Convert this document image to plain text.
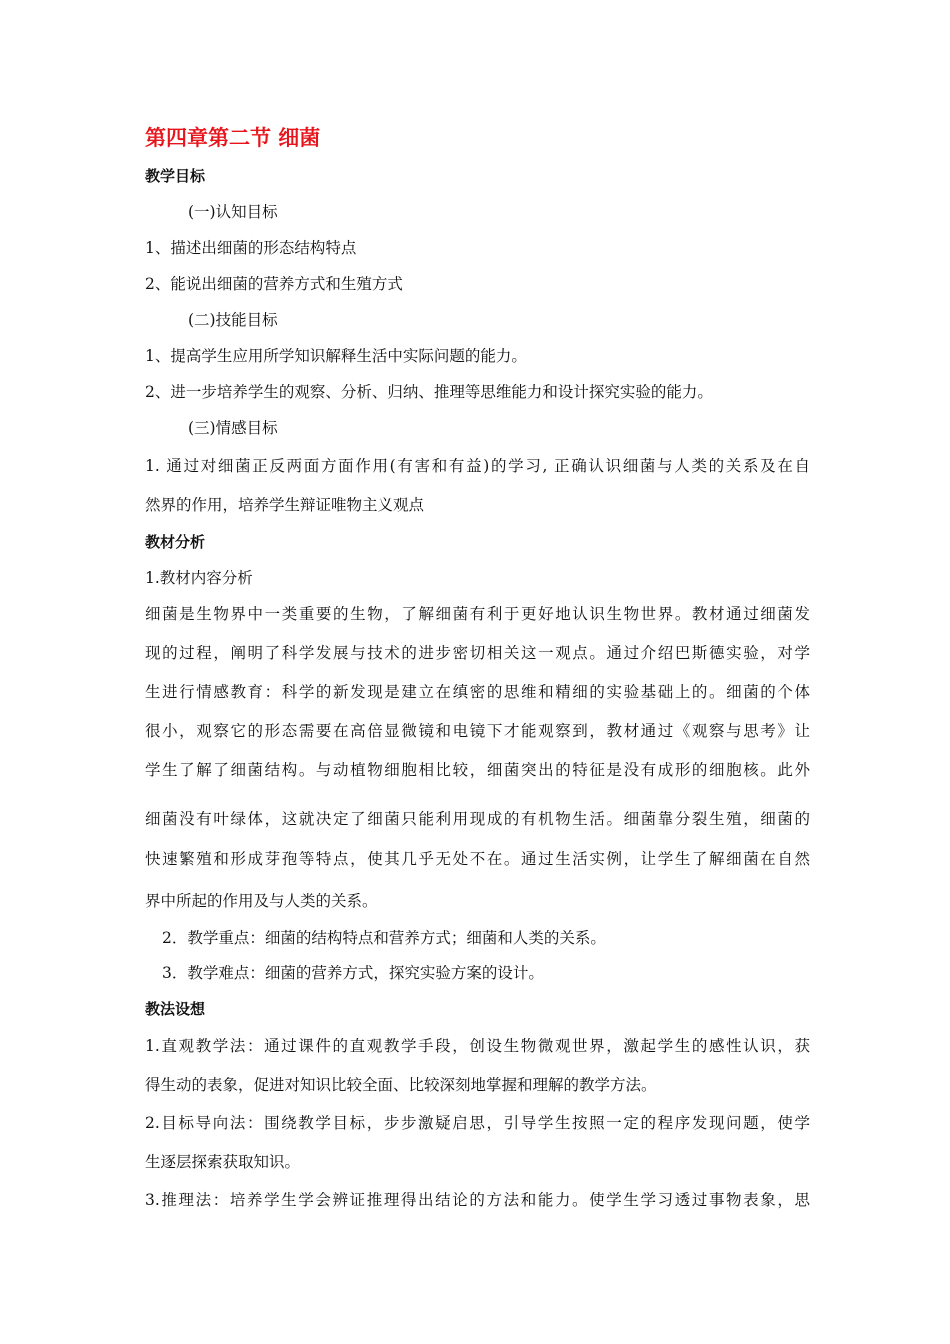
第四章第二节 细菌
教学目标
(一)认知目标
1、描述出细菌的形态结构特点
2、能说出细菌的营养方式和生殖方式
(二)技能目标
1、提高学生应用所学知识解释生活中实际问题的能力。
2、进一步培养学生的观察、分析、归纳、推理等思维能力和设计探究实验的能力。
(三)情感目标
1. 通过对细菌正反两面方面作用(有害和有益)的学习, 正确认识细菌与人类的关系及在自
然界的作用，培养学生辩证唯物主义观点
教材分析
1.教材内容分析
细菌是生物界中一类重要的生物，了解细菌有利于更好地认识生物世界。教材通过细菌发
现的过程，阐明了科学发展与技术的进步密切相关这一观点。通过介绍巴斯德实验，对学
生进行情感教育：科学的新发现是建立在缜密的思维和精细的实验基础上的。细菌的个体
很小，观察它的形态需要在高倍显微镜和电镜下才能观察到，教材通过《观察与思考》让
学生了解了细菌结构。与动植物细胞相比较，细菌突出的特征是没有成形的细胞核。此外
细菌没有叶绿体，这就决定了细菌只能利用现成的有机物生活。细菌靠分裂生殖，细菌的
快速繁殖和形成芽孢等特点，使其几乎无处不在。通过生活实例，让学生了解细菌在自然
界中所起的作用及与人类的关系。
2．教学重点：细菌的结构特点和营养方式；细菌和人类的关系。
3．教学难点：细菌的营养方式，探究实验方案的设计。
教法设想
1.直观教学法：通过课件的直观教学手段，创设生物微观世界，激起学生的感性认识，获
得生动的表象，促进对知识比较全面、比较深刻地掌握和理解的教学方法。
2.目标导向法：围绕教学目标，步步激疑启思，引导学生按照一定的程序发现问题，使学
生逐层探索获取知识。
3.推理法：培养学生学会辨证推理得出结论的方法和能力。使学生学习透过事物表象，思
